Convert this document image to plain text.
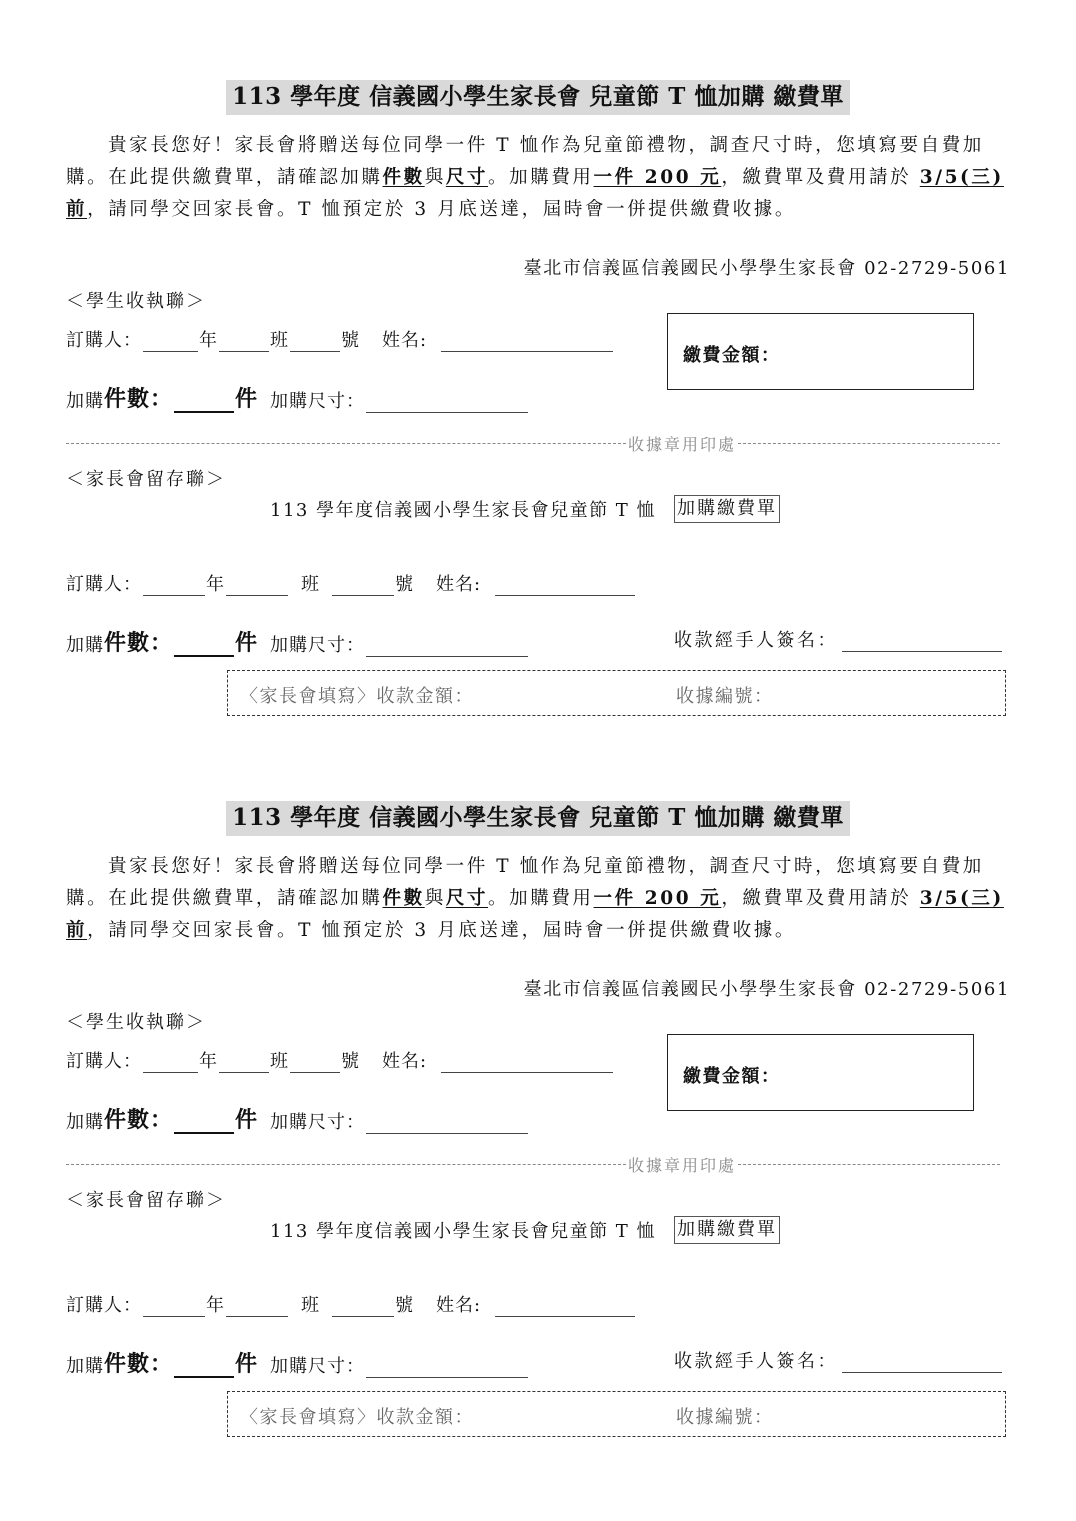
113 學年度 信義國小學生家長會 兒童節 T 恤加購 繳費單

貴家長您好！家長會將贈送每位同學一件 T 恤作為兒童節禮物，調查尺寸時，您填寫要自費加購。在此提供繳費單，請確認加購件數與尺寸。加購費用一件 200 元，繳費單及費用請於 3/5(三)前，請同學交回家長會。T 恤預定於 3 月底送達，屆時會一併提供繳費收據。

臺北市信義區信義國民小學學生家長會 02-2729-5061
＜學生收執聯＞
訂購人：	年	班	號 姓名:
加購 件數：	件 加購尺寸：
繳費金額：
收據章用印處
＜家長會留存聯＞
113 學年度信義國小學生家長會兒童節 T 恤 加購繳費單
訂購人：	年	班	號 姓名:
加購 件數：	件 加購尺寸：	收款經手人簽名：
〈家長會填寫〉收款金額：	收據編號：
113 學年度 信義國小學生家長會 兒童節 T 恤加購 繳費單

貴家長您好！家長會將贈送每位同學一件 T 恤作為兒童節禮物，調查尺寸時，您填寫要自費加購。在此提供繳費單，請確認加購件數與尺寸。加購費用一件 200 元，繳費單及費用請於 3/5(三)前，請同學交回家長會。T 恤預定於 3 月底送達，屆時會一併提供繳費收據。

臺北市信義區信義國民小學學生家長會 02-2729-5061
＜學生收執聯＞
訂購人：	年	班	號 姓名:
加購 件數：	件 加購尺寸：
繳費金額：
收據章用印處
＜家長會留存聯＞
113 學年度信義國小學生家長會兒童節 T 恤 加購繳費單
訂購人：	年	班	號 姓名:
加購 件數：	件 加購尺寸：	收款經手人簽名：
〈家長會填寫〉收款金額：	收據編號：
